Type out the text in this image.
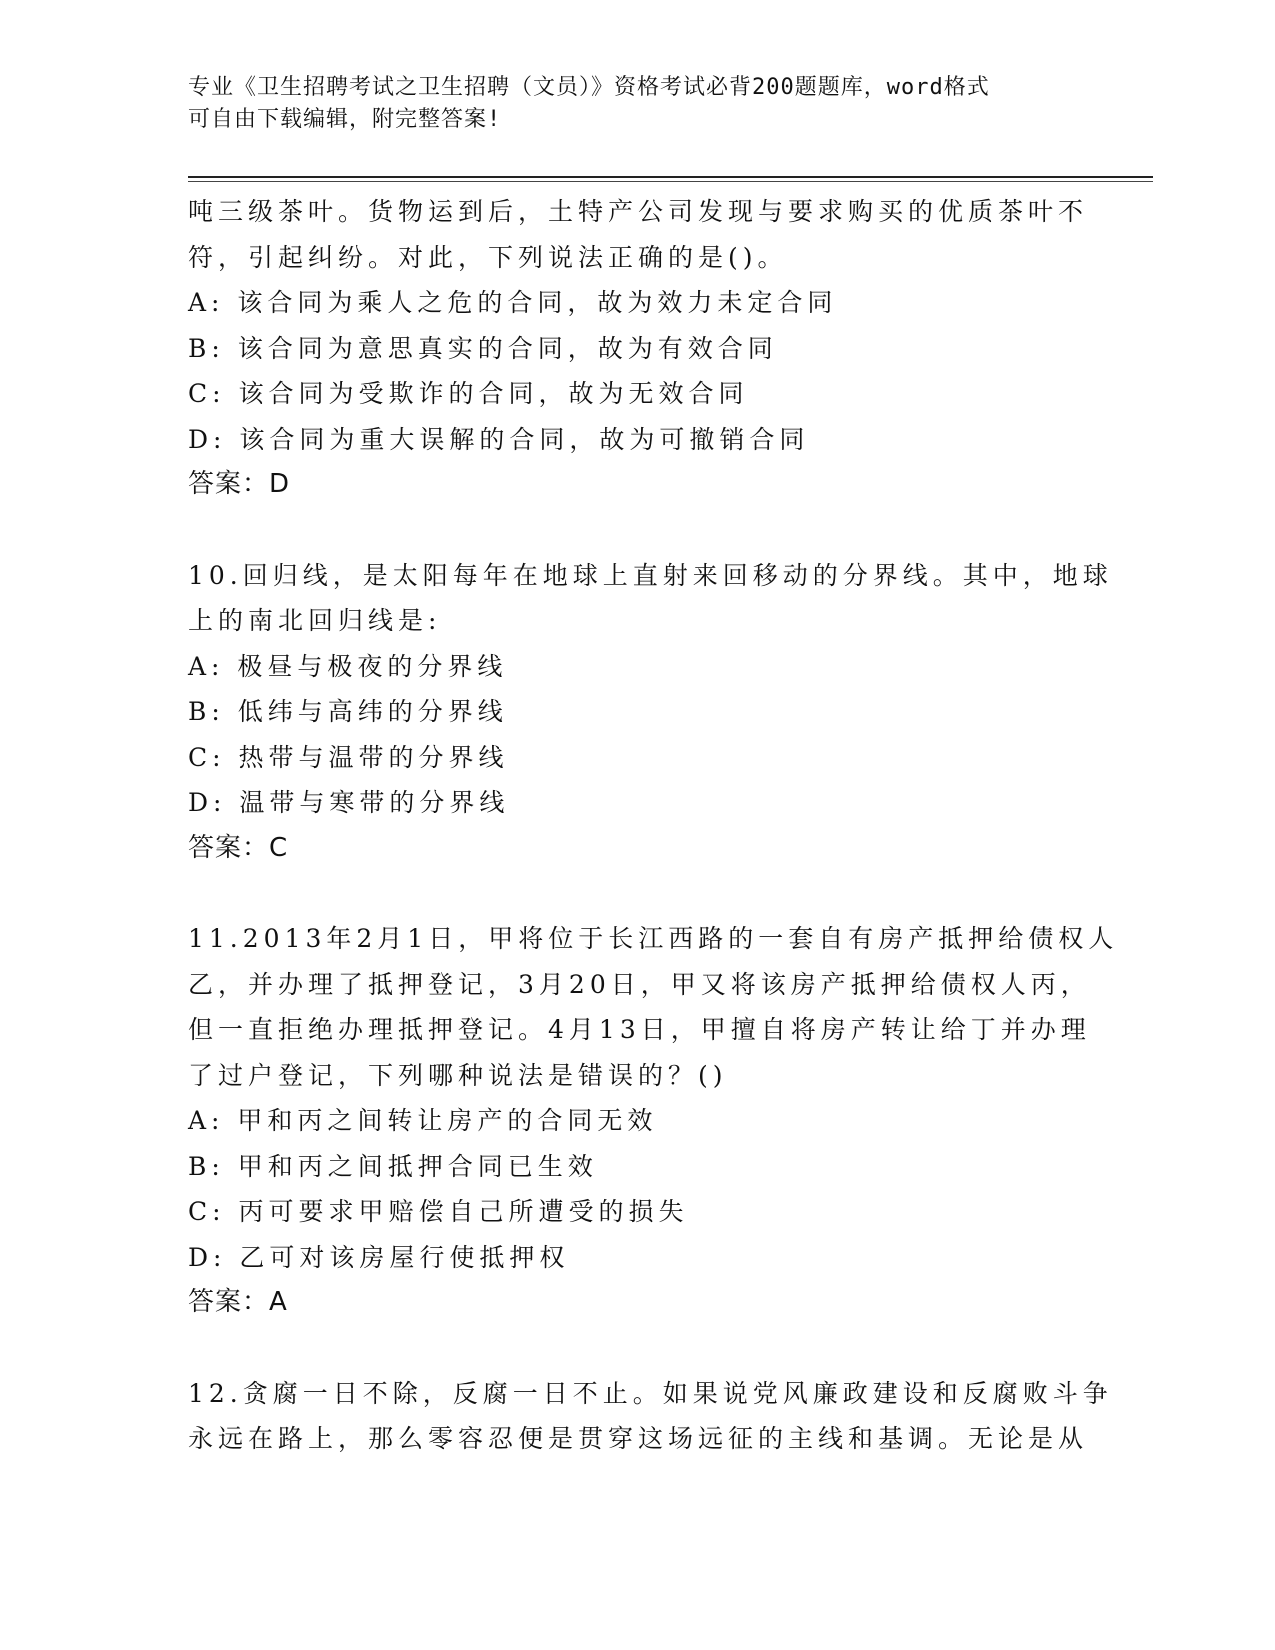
专业《卫生招聘考试之卫生招聘（文员）》资格考试必背200题题库，word格式
可自由下载编辑，附完整答案!
吨三级茶叶。货物运到后，土特产公司发现与要求购买的优质茶叶不
符，引起纠纷。对此，下列说法正确的是()。
A: 该合同为乘人之危的合同，故为效力未定合同
B: 该合同为意思真实的合同，故为有效合同
C: 该合同为受欺诈的合同，故为无效合同
D: 该合同为重大误解的合同，故为可撤销合同
答案：D
10.回归线，是太阳每年在地球上直射来回移动的分界线。其中，地球
上的南北回归线是:
A: 极昼与极夜的分界线
B: 低纬与高纬的分界线
C: 热带与温带的分界线
D: 温带与寒带的分界线
答案：C
11.2013年2月1日，甲将位于长江西路的一套自有房产抵押给债权人
乙，并办理了抵押登记，3月20日，甲又将该房产抵押给债权人丙，
但一直拒绝办理抵押登记。4月13日，甲擅自将房产转让给丁并办理
了过户登记，下列哪种说法是错误的？()
A: 甲和丙之间转让房产的合同无效
B: 甲和丙之间抵押合同已生效
C: 丙可要求甲赔偿自己所遭受的损失
D: 乙可对该房屋行使抵押权
答案：A
12.贪腐一日不除，反腐一日不止。如果说党风廉政建设和反腐败斗争
永远在路上，那么零容忍便是贯穿这场远征的主线和基调。无论是从
